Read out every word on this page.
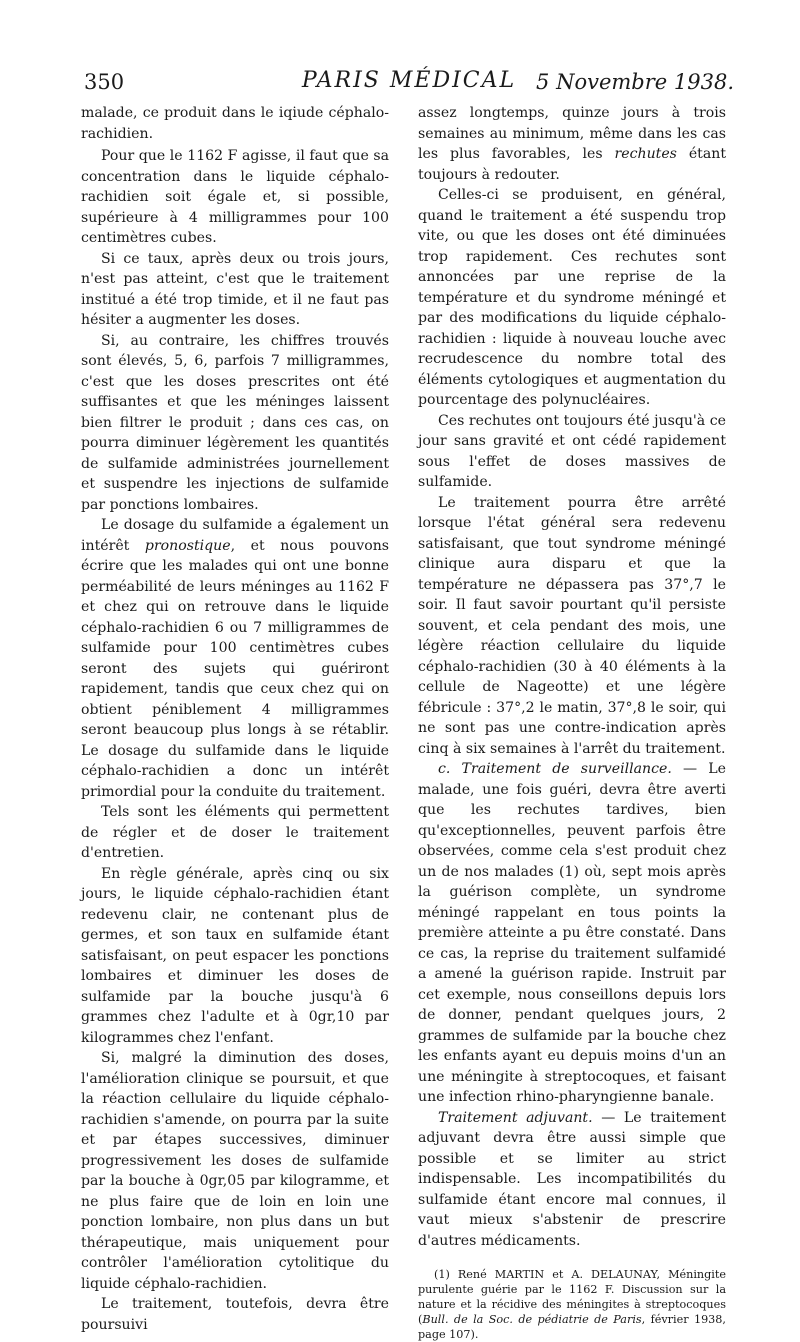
350	PARIS MÉDICAL 5 Novembre 1938.

malade, ce produit dans le iqiude céphalo-rachidien.

Pour que le 1162 F agisse, il faut que sa concentration dans le liquide céphalo-rachidien soit égale et, si possible, supérieure à 4 milligrammes pour 100 centimètres cubes.

Si ce taux, après deux ou trois jours, n'est pas atteint, c'est que le traitement institué a été trop timide, et il ne faut pas hésiter a augmenter les doses.

Si, au contraire, les chiffres trouvés sont élevés, 5, 6, parfois 7 milligrammes, c'est que les doses prescrites ont été suffisantes et que les méninges laissent bien filtrer le produit ; dans ces cas, on pourra diminuer légèrement les quantités de sulfamide administrées journellement et suspendre les injections de sulfamide par ponctions lombaires.

Le dosage du sulfamide a également un intérêt pronostique, et nous pouvons écrire que les malades qui ont une bonne perméabilité de leurs méninges au 1162 F et chez qui on retrouve dans le liquide céphalo-rachidien 6 ou 7 milligrammes de sulfamide pour 100 centimètres cubes seront des sujets qui guériront rapidement, tandis que ceux chez qui on obtient péniblement 4 milligrammes seront beaucoup plus longs à se rétablir. Le dosage du sulfamide dans le liquide céphalo-rachidien a donc un intérêt primordial pour la conduite du traitement.

Tels sont les éléments qui permettent de régler et de doser le traitement d'entretien.

En règle générale, après cinq ou six jours, le liquide céphalo-rachidien étant redevenu clair, ne contenant plus de germes, et son taux en sulfamide étant satisfaisant, on peut espacer les ponctions lombaires et diminuer les doses de sulfamide par la bouche jusqu'à 6 grammes chez l'adulte et à 0gr,10 par kilogrammes chez l'enfant.

Si, malgré la diminution des doses, l'amélioration clinique se poursuit, et que la réaction cellulaire du liquide céphalo-rachidien s'amende, on pourra par la suite et par étapes successives, diminuer progressivement les doses de sulfamide par la bouche à 0gr,05 par kilogramme, et ne plus faire que de loin en loin une ponction lombaire, non plus dans un but thérapeutique, mais uniquement pour contrôler l'amélioration cytolitique du liquide céphalo-rachidien.

Le traitement, toutefois, devra être poursuivi

assez longtemps, quinze jours à trois semaines au minimum, même dans les cas les plus favorables, les rechutes étant toujours à redouter.

Celles-ci se produisent, en général, quand le traitement a été suspendu trop vite, ou que les doses ont été diminuées trop rapidement. Ces rechutes sont annoncées par une reprise de la température et du syndrome méningé et par des modifications du liquide céphalo-rachidien : liquide à nouveau louche avec recrudescence du nombre total des éléments cytologiques et augmentation du pourcentage des polynucléaires.

Ces rechutes ont toujours été jusqu'à ce jour sans gravité et ont cédé rapidement sous l'effet de doses massives de sulfamide.

Le traitement pourra être arrêté lorsque l'état général sera redevenu satisfaisant, que tout syndrome méningé clinique aura disparu et que la température ne dépassera pas 37°,7 le soir. Il faut savoir pourtant qu'il persiste souvent, et cela pendant des mois, une légère réaction cellulaire du liquide céphalo-rachidien (30 à 40 éléments à la cellule de Nageotte) et une légère fébricule : 37°,2 le matin, 37°,8 le soir, qui ne sont pas une contre-indication après cinq à six semaines à l'arrêt du traitement.

c. Traitement de surveillance. — Le malade, une fois guéri, devra être averti que les rechutes tardives, bien qu'exceptionnelles, peuvent parfois être observées, comme cela s'est produit chez un de nos malades (1) où, sept mois après la guérison complète, un syndrome méningé rappelant en tous points la première atteinte a pu être constaté. Dans ce cas, la reprise du traitement sulfamidé a amené la guérison rapide. Instruit par cet exemple, nous conseillons depuis lors de donner, pendant quelques jours, 2 grammes de sulfamide par la bouche chez les enfants ayant eu depuis moins d'un an une méningite à streptocoques, et faisant une infection rhino-pharyngienne banale.

Traitement adjuvant. — Le traitement adjuvant devra être aussi simple que possible et se limiter au strict indispensable. Les incompatibilités du sulfamide étant encore mal connues, il vaut mieux s'abstenir de prescrire d'autres médicaments.

(1) René MARTIN et A. DELAUNAY, Méningite purulente guérie par le 1162 F. Discussion sur la nature et la récidive des méningites à streptocoques (Bull. de la Soc. de pédiatrie de Paris, février 1938, page 107).
